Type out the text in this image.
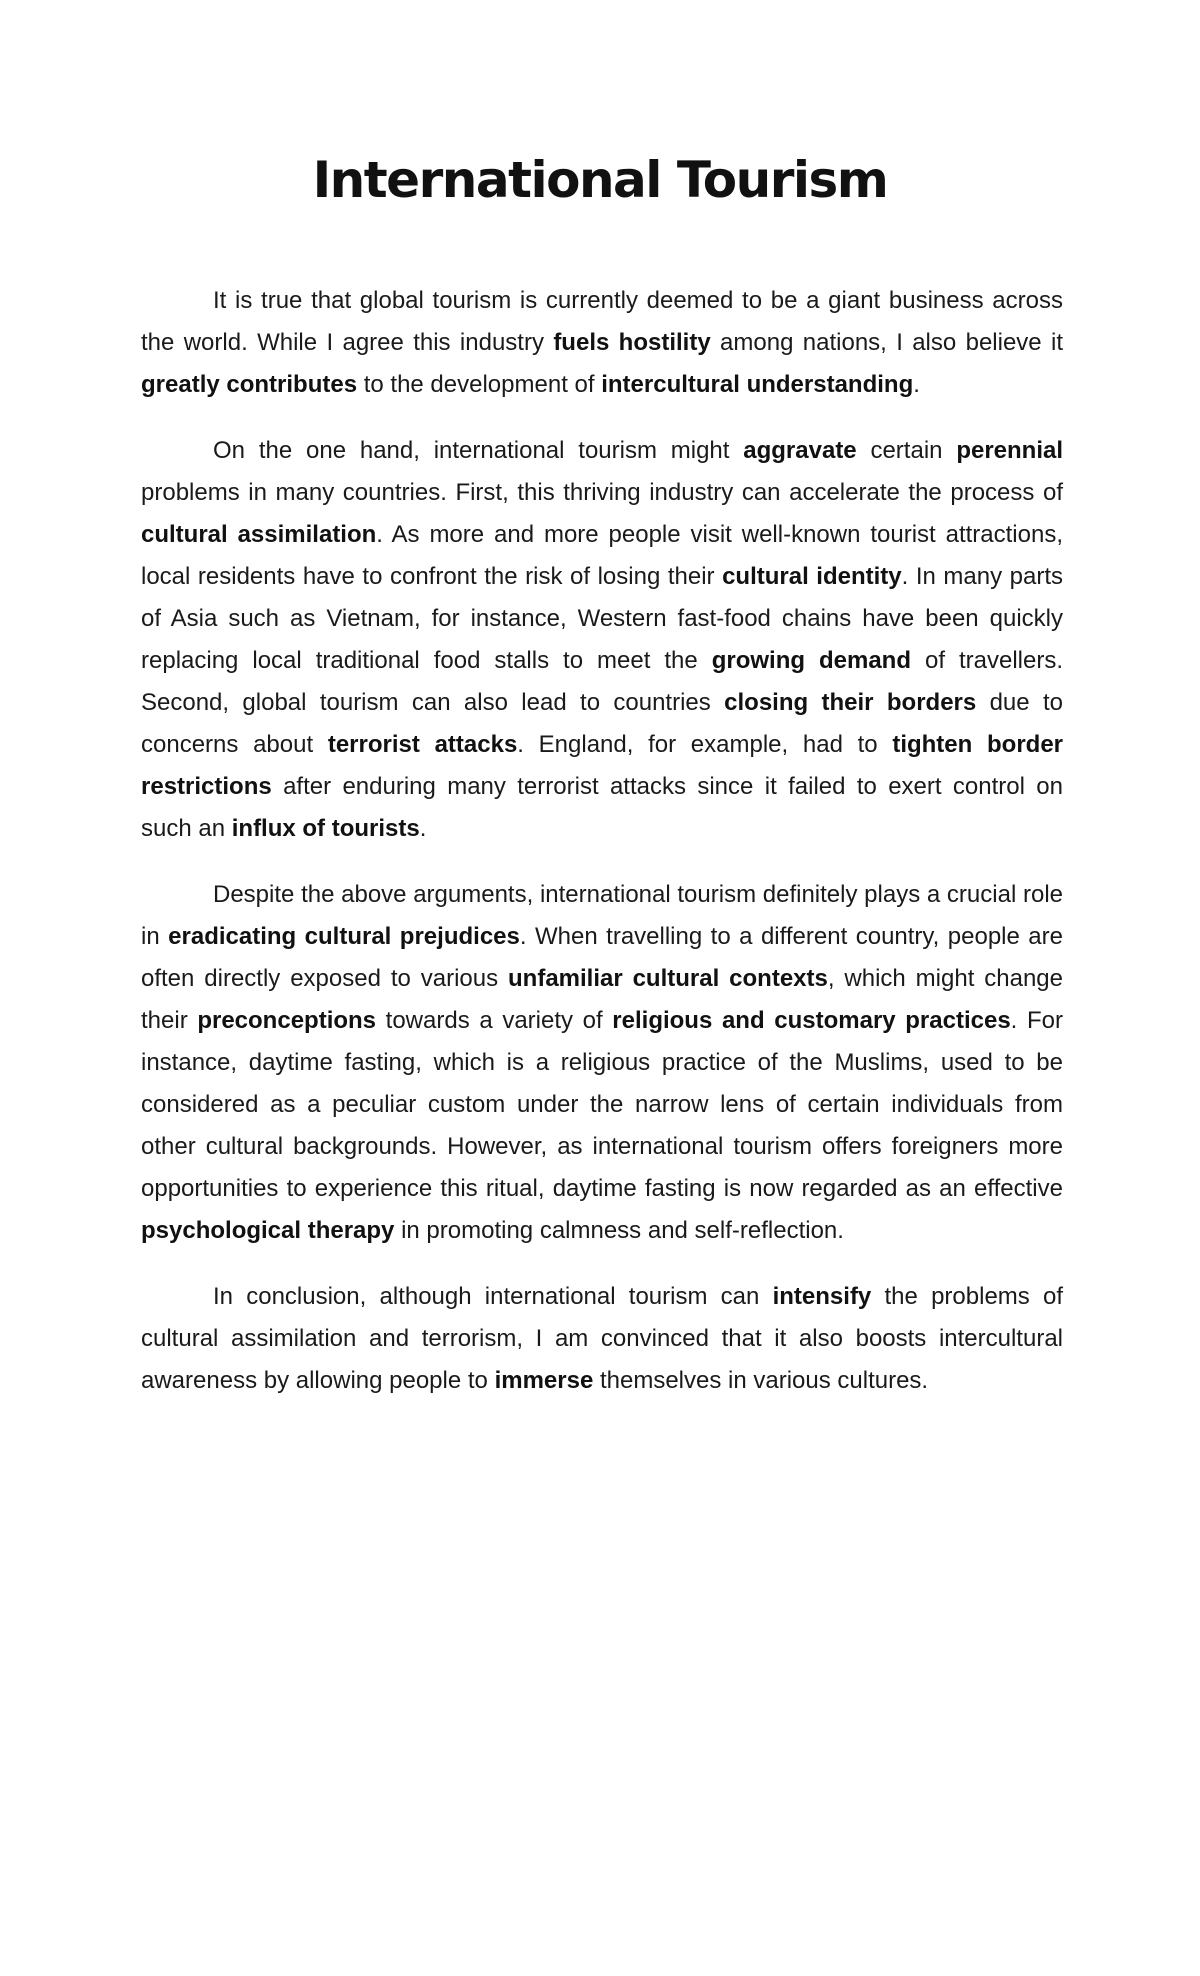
International Tourism

It is true that global tourism is currently deemed to be a giant business across the world. While I agree this industry fuels hostility among nations, I also believe it greatly contributes to the development of intercultural understanding.

On the one hand, international tourism might aggravate certain perennial problems in many countries. First, this thriving industry can accelerate the process of cultural assimilation. As more and more people visit well-known tourist attractions, local residents have to confront the risk of losing their cultural identity. In many parts of Asia such as Vietnam, for instance, Western fast-food chains have been quickly replacing local traditional food stalls to meet the growing demand of travellers. Second, global tourism can also lead to countries closing their borders due to concerns about terrorist attacks. England, for example, had to tighten border restrictions after enduring many terrorist attacks since it failed to exert control on such an influx of tourists.

Despite the above arguments, international tourism definitely plays a crucial role in eradicating cultural prejudices. When travelling to a different country, people are often directly exposed to various unfamiliar cultural contexts, which might change their preconceptions towards a variety of religious and customary practices. For instance, daytime fasting, which is a religious practice of the Muslims, used to be considered as a peculiar custom under the narrow lens of certain individuals from other cultural backgrounds. However, as international tourism offers foreigners more opportunities to experience this ritual, daytime fasting is now regarded as an effective psychological therapy in promoting calmness and self-reflection.

In conclusion, although international tourism can intensify the problems of cultural assimilation and terrorism, I am convinced that it also boosts intercultural awareness by allowing people to immerse themselves in various cultures.
